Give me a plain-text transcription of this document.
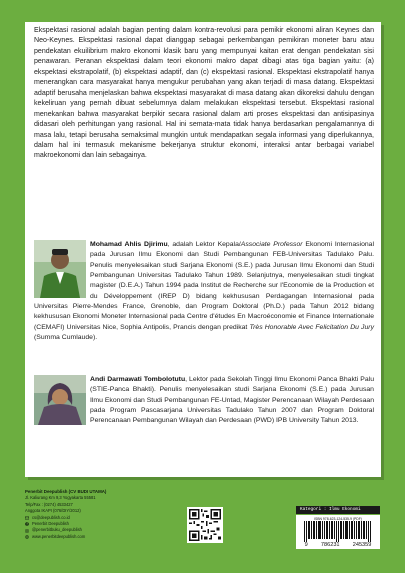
Ekspektasi rasional adalah bagian penting dalam kontra-revolusi para pemikir ekonomi aliran Keynes dan Neo-Keynes. Ekspektasi rasional dapat dianggap sebagai perkembangan pemikiran moneter baru atau pendekatan ekuilibrium makro ekonomi klasik baru yang mempunyai kaitan erat dengan pendekatan sisi penawaran. Peranan ekspektasi dalam teori ekonomi makro dapat dibagi atas tiga bagian yaitu: (a) ekspektasi ekstrapolatif, (b) ekspektasi adaptif, dan (c) ekspektasi rasional. Ekspektasi ekstrapolatif hanya menerangkan cara masyarakat hanya mengukur perubahan yang akan terjadi di masa datang. Ekspektasi adaptif berusaha menjelaskan bahwa ekspektasi masyarakat di masa datang akan dikoreksi dahulu dengan kekeliruan yang pernah dibuat sebelumnya dalam melakukan ekspektasi tersebut. Ekspektasi rasional menekankan bahwa masyarakat berpikir secara rasional dalam arti proses ekspektasi dan antisipasinya didasari oleh perhitungan yang rasional. Hal ini semata-mata tidak hanya berdasarkan pengalamannya di masa lalu, tetapi berusaha semaksimal mungkin untuk mendapatkan segala informasi yang diperlukannya, dalam hal ini termasuk mekanisme bekerjanya struktur ekonomi, interaksi antar berbagai variabel makroekonomi dan lain sebagainya.

Mohamad Ahlis Djirimu, adalah Lektor Kepala/Associate Professor Ekonomi Internasional pada Jurusan Ilmu Ekonomi dan Studi Pembangunan FEB-Universitas Tadulako Palu. Penulis menyelesaikan studi Sarjana Ekonomi (S.E.) pada Jurusan Ilmu Ekonomi dan Studi Pembangunan Universitas Tadulako Tahun 1989. Selanjutnya, menyelesaikan studi tingkat magister (D.E.A.) Tahun 1994 pada Institut de Recherche sur l'Economie de la Production et du Développement (IREP D) bidang kekhususan Perdagangan Internasional pada Universitas Pierre-Mendes France, Grenoble, dan Program Doktoral (Ph.D.) pada Tahun 2012 bidang kekhususan Ekonomi Moneter Internasional pada Centre d'études En Macroéconomie et Finance Internationale (CEMAFI) Universitas Nice, Sophia Antipolis, Prancis dengan predikat Très Honorable Avec Felicitation Du Jury (Summa Cumlaude).

Andi Darmawati Tombolotutu, Lektor pada Sekolah Tinggi Ilmu Ekonomi Panca Bhakti Palu (STIE-Panca Bhakti). Penulis menyelesaikan studi Sarjana Ekonomi (S.E.) pada Jurusan Ilmu Ekonomi dan Studi Pembangunan FE-Untad, Magister Perencanaan Wilayah Perdesaan pada Program Pascasarjana Universitas Tadulako Tahun 2007 dan Program Doktoral Perencanaan Pembangunan Wilayah dan Perdesaan (PWD) IPB University Tahun 2013.

Penerbit Deepublish (CV BUDI UTAMA)
Jl. Kaliurang Km 9,3 Yogyakarta 55581
Telp/Fax : (0274) 4533427
Anggota IKAPI (076/DIY/2012)
cs@deepublish.co.id
Penerbit Deepublish
@penerbitbuku_deepublish
www.penerbitdeepublish.com
Kategori : Ilmu Ekonomi
ISBN 978-623-124-535-9 (PDF)
9 786231 245359
